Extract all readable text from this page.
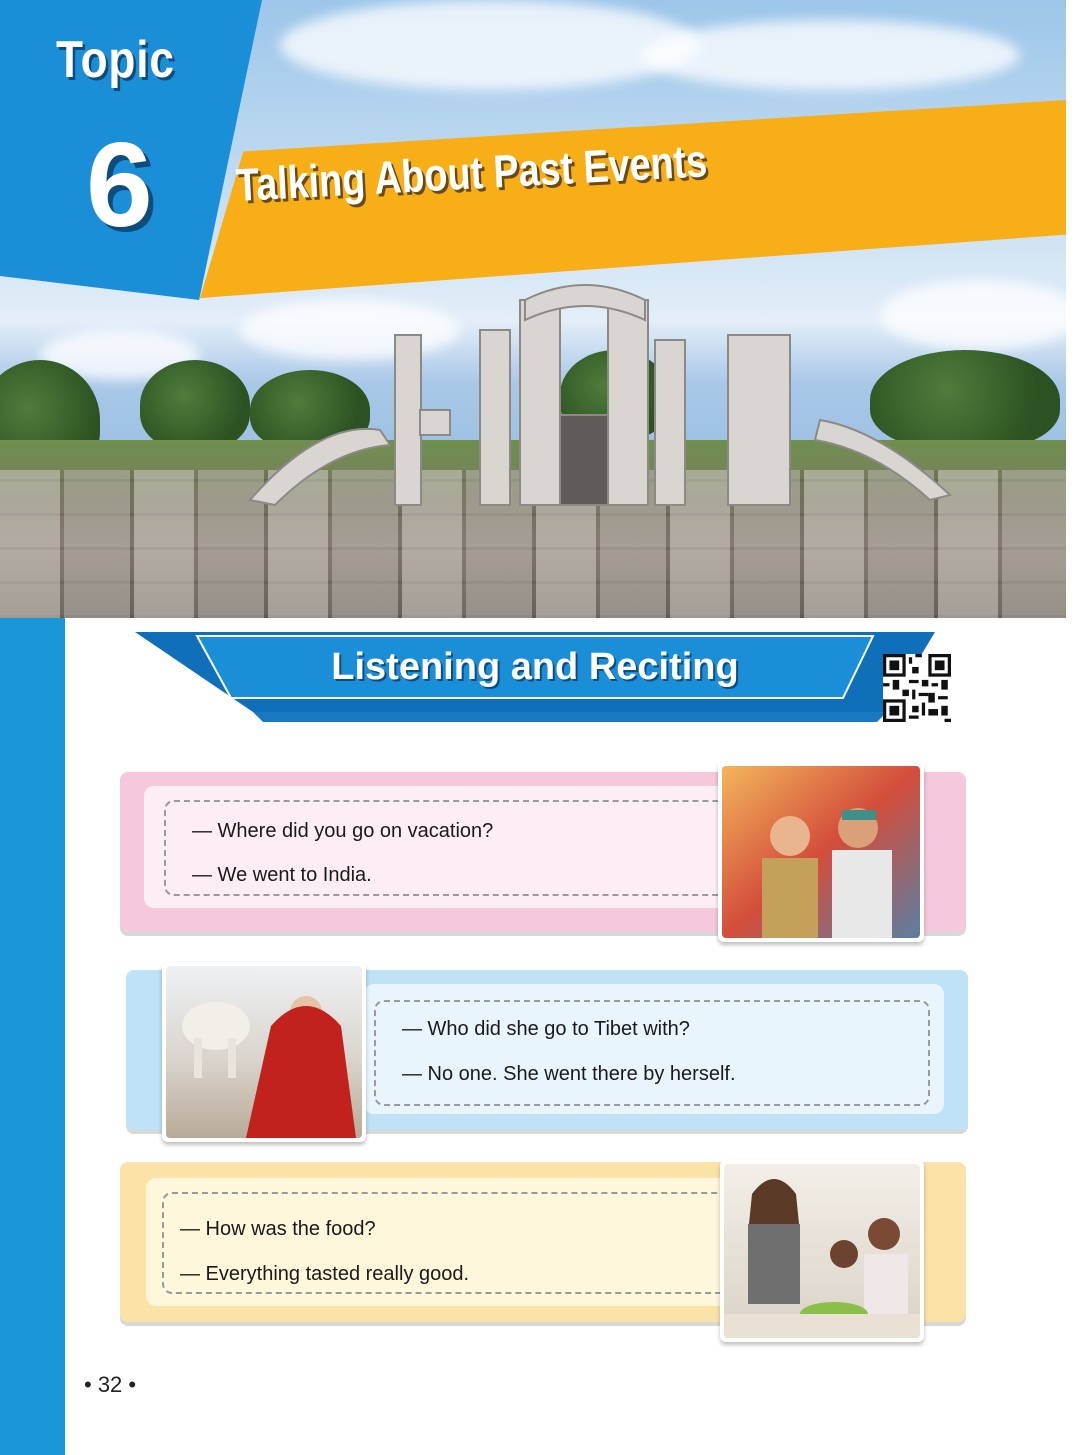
Talking About Past Events
Topic
6
Listening and Reciting
— Where did you go on vacation?
— We went to India.
— Who did she go to Tibet with?
— No one. She went there by herself.
— How was the food?
— Everything tasted really good.
• 32 •
